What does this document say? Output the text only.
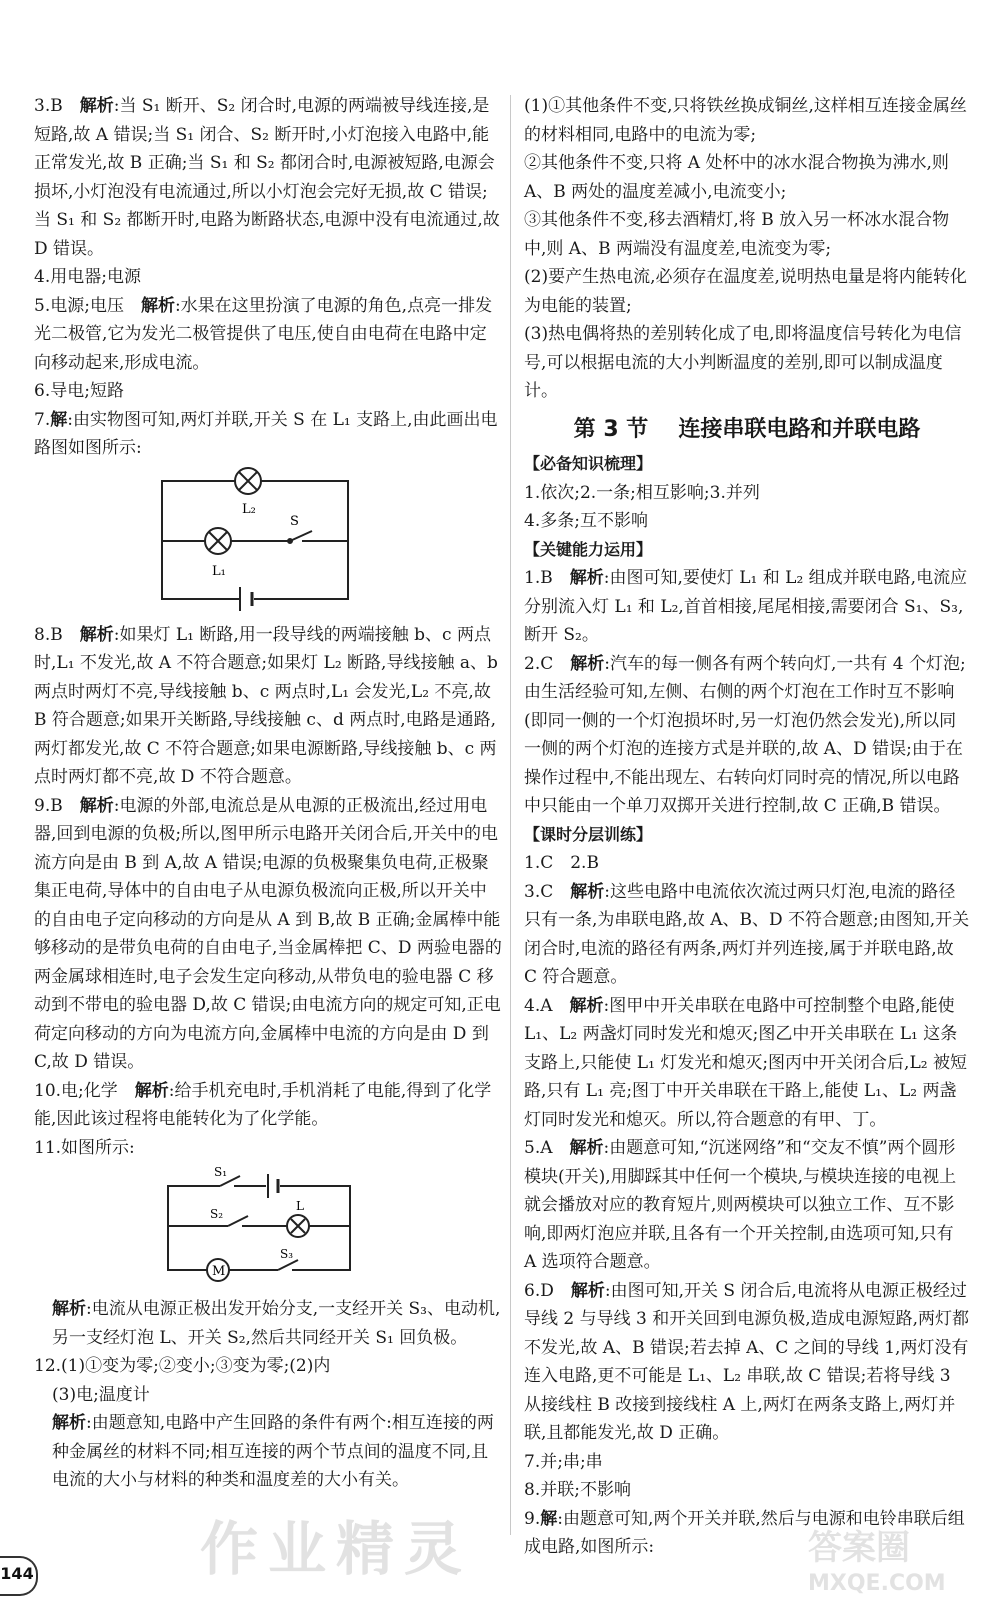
3.B　解析:当 S₁ 断开、S₂ 闭合时,电源的两端被导线连接,是短路,故 A 错误;当 S₁ 闭合、S₂ 断开时,小灯泡接入电路中,能正常发光,故 B 正确;当 S₁ 和 S₂ 都闭合时,电源被短路,电源会损坏,小灯泡没有电流通过,所以小灯泡会完好无损,故 C 错误;当 S₁ 和 S₂ 都断开时,电路为断路状态,电源中没有电流通过,故 D 错误。

4.用电器;电源

5.电源;电压　解析:水果在这里扮演了电源的角色,点亮一排发光二极管,它为发光二极管提供了电压,使自由电荷在电路中定向移动起来,形成电流。

6.导电;短路

7.解:由实物图可知,两灯并联,开关 S 在 L₁ 支路上,由此画出电路图如图所示:

L₂
L₁
S

8.B　解析:如果灯 L₁ 断路,用一段导线的两端接触 b、c 两点时,L₁ 不发光,故 A 不符合题意;如果灯 L₂ 断路,导线接触 a、b 两点时两灯不亮,导线接触 b、c 两点时,L₁ 会发光,L₂ 不亮,故 B 符合题意;如果开关断路,导线接触 c、d 两点时,电路是通路,两灯都发光,故 C 不符合题意;如果电源断路,导线接触 b、c 两点时两灯都不亮,故 D 不符合题意。

9.B　解析:电源的外部,电流总是从电源的正极流出,经过用电器,回到电源的负极;所以,图甲所示电路开关闭合后,开关中的电流方向是由 B 到 A,故 A 错误;电源的负极聚集负电荷,正极聚集正电荷,导体中的自由电子从电源负极流向正极,所以开关中的自由电子定向移动的方向是从 A 到 B,故 B 正确;金属棒中能够移动的是带负电荷的自由电子,当金属棒把 C、D 两验电器的两金属球相连时,电子会发生定向移动,从带负电的验电器 C 移动到不带电的验电器 D,故 C 错误;由电流方向的规定可知,正电荷定向移动的方向为电流方向,金属棒中电流的方向是由 D 到 C,故 D 错误。

10.电;化学　解析:给手机充电时,手机消耗了电能,得到了化学能,因此该过程将电能转化为了化学能。

11.如图所示:

S₁
S₂
L
M
S₃

解析:电流从电源正极出发开始分支,一支经开关 S₃、电动机,另一支经灯泡 L、开关 S₂,然后共同经开关 S₁ 回负极。

12.(1)①变为零;②变小;③变为零;(2)内

(3)电;温度计

解析:由题意知,电路中产生回路的条件有两个:相互连接的两种金属丝的材料不同;相互连接的两个节点间的温度不同,且电流的大小与材料的种类和温度差的大小有关。

(1)①其他条件不变,只将铁丝换成铜丝,这样相互连接金属丝的材料相同,电路中的电流为零;

②其他条件不变,只将 A 处杯中的冰水混合物换为沸水,则 A、B 两处的温度差减小,电流变小;

③其他条件不变,移去酒精灯,将 B 放入另一杯冰水混合物中,则 A、B 两端没有温度差,电流变为零;

(2)要产生热电流,必须存在温度差,说明热电量是将内能转化为电能的装置;

(3)热电偶将热的差别转化成了电,即将温度信号转化为电信号,可以根据电流的大小判断温度的差别,即可以制成温度计。

第 3 节 连接串联电路和并联电路

【必备知识梳理】

1.依次;2.一条;相互影响;3.并列

4.多条;互不影响

【关键能力运用】

1.B　解析:由图可知,要使灯 L₁ 和 L₂ 组成并联电路,电流应分别流入灯 L₁ 和 L₂,首首相接,尾尾相接,需要闭合 S₁、S₃,断开 S₂。

2.C　解析:汽车的每一侧各有两个转向灯,一共有 4 个灯泡;由生活经验可知,左侧、右侧的两个灯泡在工作时互不影响(即同一侧的一个灯泡损坏时,另一灯泡仍然会发光),所以同一侧的两个灯泡的连接方式是并联的,故 A、D 错误;由于在操作过程中,不能出现左、右转向灯同时亮的情况,所以电路中只能由一个单刀双掷开关进行控制,故 C 正确,B 错误。

【课时分层训练】

1.C　2.B

3.C　解析:这些电路中电流依次流过两只灯泡,电流的路径只有一条,为串联电路,故 A、B、D 不符合题意;由图知,开关闭合时,电流的路径有两条,两灯并列连接,属于并联电路,故 C 符合题意。

4.A　解析:图甲中开关串联在电路中可控制整个电路,能使 L₁、L₂ 两盏灯同时发光和熄灭;图乙中开关串联在 L₁ 这条支路上,只能使 L₁ 灯发光和熄灭;图丙中开关闭合后,L₂ 被短路,只有 L₁ 亮;图丁中开关串联在干路上,能使 L₁、L₂ 两盏灯同时发光和熄灭。所以,符合题意的有甲、丁。

5.A　解析:由题意可知,“沉迷网络”和“交友不慎”两个圆形模块(开关),用脚踩其中任何一个模块,与模块连接的电视上就会播放对应的教育短片,则两模块可以独立工作、互不影响,即两灯泡应并联,且各有一个开关控制,由选项可知,只有 A 选项符合题意。

6.D　解析:由图可知,开关 S 闭合后,电流将从电源正极经过导线 2 与导线 3 和开关回到电源负极,造成电源短路,两灯都不发光,故 A、B 错误;若去掉 A、C 之间的导线 1,两灯没有连入电路,更不可能是 L₁、L₂ 串联,故 C 错误;若将导线 3 从接线柱 B 改接到接线柱 A 上,两灯在两条支路上,两灯并联,且都能发光,故 D 正确。

7.并;串;串

8.并联;不影响

9.解:由题意可知,两个开关并联,然后与电源和电铃串联后组成电路,如图所示:

144	作业精灵	答案圈
MXQE.COM
